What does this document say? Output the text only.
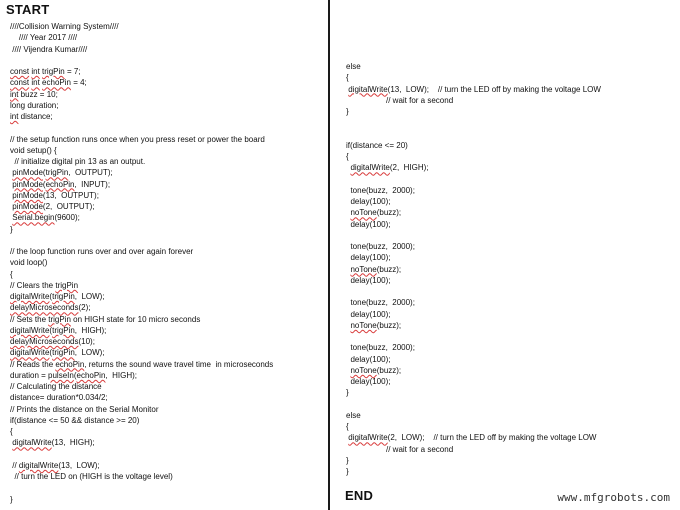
START
////Collision Warning System////
//// Year 2017 ////
//// Vijendra Kumar////
const int trigPin = 7;
const int echoPin = 4;
int buzz = 10;
long duration;
int distance;
// the setup function runs once when you press reset or power the board
void setup() {
// initialize digital pin 13 as an output.
pinMode(trigPin,  OUTPUT);
pinMode(echoPin,  INPUT);
pinMode(13,  OUTPUT);
pinMode(2,  OUTPUT);
Serial.begin(9600);
}
// the loop function runs over and over again forever
void loop()
{
// Clears the trigPin
digitalWrite(trigPin,  LOW);
delayMicroseconds(2);
// Sets the trigPin on HIGH state for 10 micro seconds
digitalWrite(trigPin,  HIGH);
delayMicroseconds(10);
digitalWrite(trigPin,  LOW);
// Reads the echoPin, returns the sound wave travel time  in microseconds
duration = pulseIn(echoPin,  HIGH);
// Calculating the distance
distance= duration*0.034/2;
// Prints the distance on the Serial Monitor
if(distance <= 50 && distance >= 20)
{
digitalWrite(13,  HIGH);
// digitalWrite(13,  LOW);
// turn the LED on (HIGH is the voltage level)
}
else
{
digitalWrite(13,  LOW);    // turn the LED off by making the voltage LOW
// wait for a second
}
if(distance <= 20)
{
digitalWrite(2,  HIGH);
tone(buzz,  2000);
delay(100);
noTone(buzz);
delay(100);
tone(buzz,  2000);
delay(100);
noTone(buzz);
delay(100);
tone(buzz,  2000);
delay(100);
noTone(buzz);
tone(buzz,  2000);
delay(100);
noTone(buzz);
delay(100);
}
else
{
digitalWrite(2,  LOW);    // turn the LED off by making the voltage LOW
// wait for a second
}
}
END	www.mfgrobots.com
